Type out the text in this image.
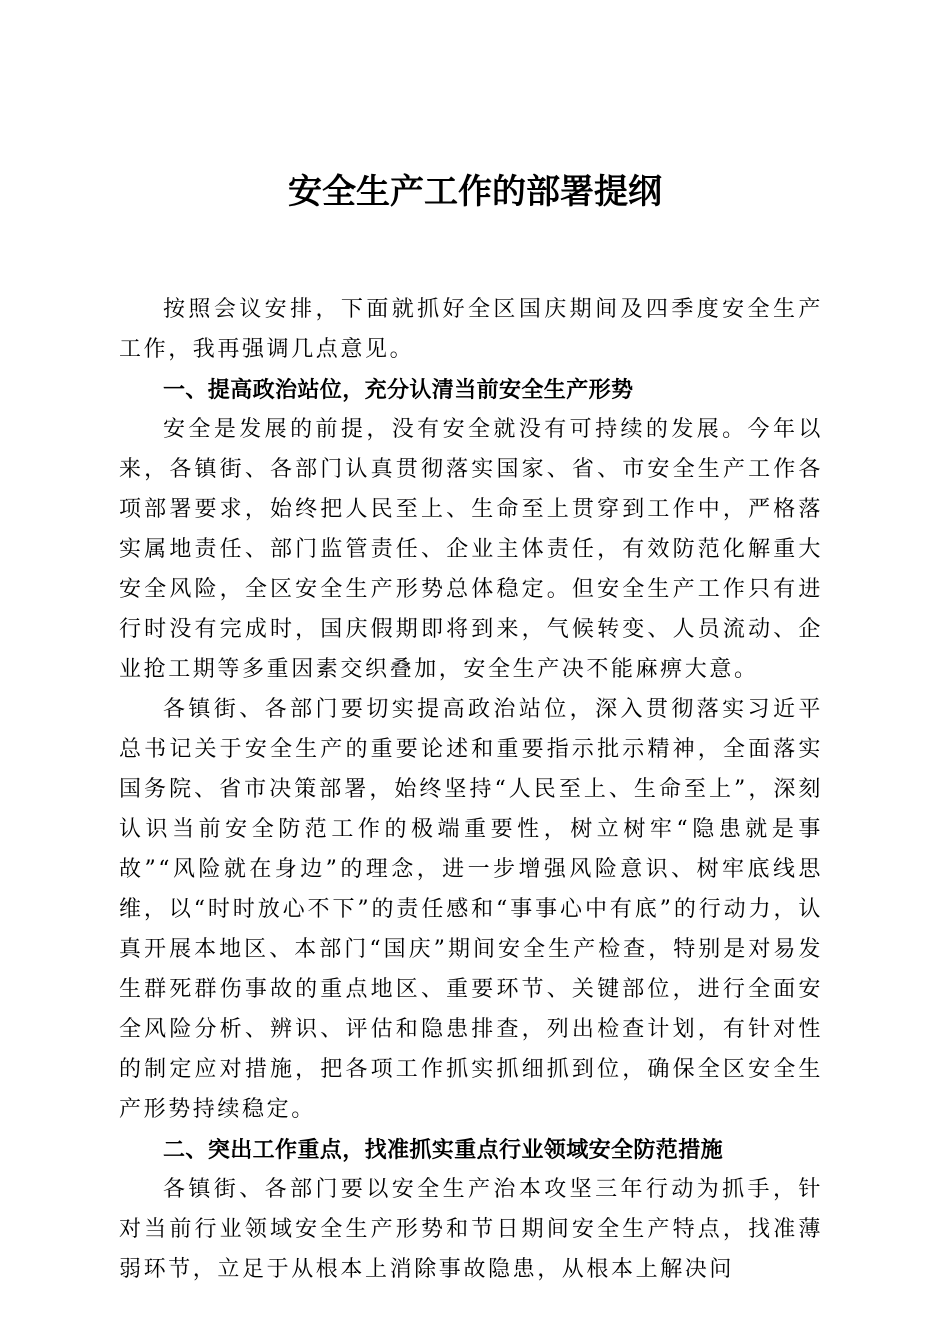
安全生产工作的部署提纲

按照会议安排，下面就抓好全区国庆期间及四季度安全生产工作，我再强调几点意见。

一、提高政治站位，充分认清当前安全生产形势

安全是发展的前提，没有安全就没有可持续的发展。今年以来，各镇街、各部门认真贯彻落实国家、省、市安全生产工作各项部署要求，始终把人民至上、生命至上贯穿到工作中，严格落实属地责任、部门监管责任、企业主体责任，有效防范化解重大安全风险，全区安全生产形势总体稳定。但安全生产工作只有进行时没有完成时，国庆假期即将到来，气候转变、人员流动、企业抢工期等多重因素交织叠加，安全生产决不能麻痹大意。

各镇街、各部门要切实提高政治站位，深入贯彻落实习近平总书记关于安全生产的重要论述和重要指示批示精神，全面落实国务院、省市决策部署，始终坚持“人民至上、生命至上”，深刻认识当前安全防范工作的极端重要性，树立树牢“隐患就是事故”“风险就在身边”的理念，进一步增强风险意识、树牢底线思维，以“时时放心不下”的责任感和“事事心中有底”的行动力，认真开展本地区、本部门“国庆”期间安全生产检查，特别是对易发生群死群伤事故的重点地区、重要环节、关键部位，进行全面安全风险分析、辨识、评估和隐患排查，列出检查计划，有针对性的制定应对措施，把各项工作抓实抓细抓到位，确保全区安全生产形势持续稳定。

二、突出工作重点，找准抓实重点行业领域安全防范措施

各镇街、各部门要以安全生产治本攻坚三年行动为抓手，针对当前行业领域安全生产形势和节日期间安全生产特点，找准薄弱环节，立足于从根本上消除事故隐患，从根本上解决问
